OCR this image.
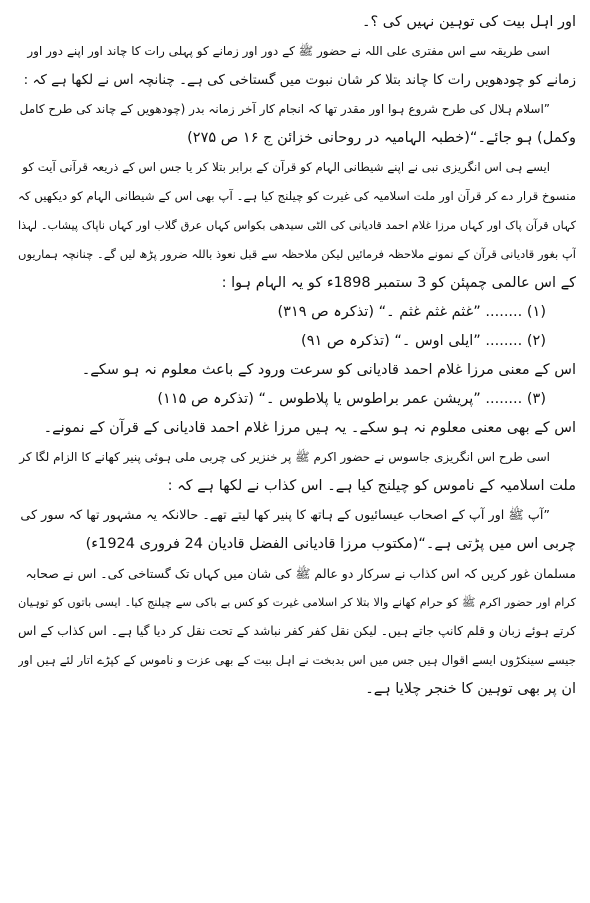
اور اہل بیت کی توہین نہیں کی ؟۔
اسی طریقہ سے اس مفتری علی اللہ نے حضور ﷺ کے دور اور زمانے کو پہلی رات کا چاند اور اپنے دور اور
زمانے کو چودھویں رات کا چاند بتلا کر شان نبوت میں گستاخی کی ہے۔ چنانچہ اس نے لکھا ہے کہ :
”اسلام ہلال کی طرح شروع ہوا اور مقدر تھا کہ انجام کار آخر زمانہ بدر (چودھویں کے چاند کی طرح کامل
وکمل) ہو جائے۔“(خطبہ الہامیہ در روحانی خزائن ج ۱۶ ص ۲۷۵)
ایسے ہی اس انگریزی نبی نے اپنے شیطانی الہام کو قرآن کے برابر بتلا کر یا جس اس کے ذریعہ قرآنی آیت کو
منسوخ قرار دے کر قرآن اور ملت اسلامیہ کی غیرت کو چیلنج کیا ہے۔ آپ بھی اس کے شیطانی الہام کو دیکھیں کہ
کہاں قرآن پاک اور کہاں مرزا غلام احمد قادیانی کی الٹی سیدھی بکواس کہاں عرق گلاب اور کہاں ناپاک پیشاب۔ لہذا
آپ بغور قادیانی قرآن کے نمونے ملاحظہ فرمائیں لیکن ملاحظہ سے قبل نعوذ باللہ ضرور پڑھ لیں گے۔ چنانچہ ہماریوں
کے اس عالمی چمپئن کو 3 ستمبر 1898ء کو یہ الہام ہوا :
(۱) ........ ”غثم غثم غثم ۔“ (تذکرہ ص ۳۱۹)
(۲) ........ ”ایلی اوس ۔“ (تذکرہ ص ۹۱)
اس کے معنی مرزا غلام احمد قادیانی کو سرعت ورود کے باعث معلوم نہ ہو سکے۔
(۳) ........ ”پریشن عمر براطوس یا پلاطوس ۔“ (تذکرہ ص ۱۱۵)
اس کے بھی معنی معلوم نہ ہو سکے۔ یہ ہیں مرزا غلام احمد قادیانی کے قرآن کے نمونے۔
اسی طرح اس انگریزی جاسوس نے حضور اکرم ﷺ پر خنزیر کی چربی ملی ہوئی پنیر کھانے کا الزام لگا کر
ملت اسلامیہ کے ناموس کو چیلنج کیا ہے۔ اس کذاب نے لکھا ہے کہ :
”آپ ﷺ اور آپ کے اصحاب عیسائیوں کے ہاتھ کا پنیر کھا لیتے تھے۔ حالانکہ یہ مشہور تھا کہ سور کی
چربی اس میں پڑتی ہے۔“(مکتوب مرزا قادیانی الفضل قادیان 24 فروری 1924ء)
مسلمان غور کریں کہ اس کذاب نے سرکار دو عالم ﷺ کی شان میں کہاں تک گستاخی کی۔ اس نے صحابہ
کرام اور حضور اکرم ﷺ کو حرام کھانے والا بتلا کر اسلامی غیرت کو کس بے باکی سے چیلنج کیا۔ ایسی باتوں کو توہیان
کرتے ہوئے زبان و قلم کانپ جاتے ہیں۔ لیکن نقل کفر کفر نباشد کے تحت نقل کر دیا گیا ہے۔ اس کذاب کے اس
جیسے سینکڑوں ایسے اقوال ہیں جس میں اس بدبخت نے اہل بیت کے بھی عزت و ناموس کے کپڑے اتار لئے ہیں اور
ان پر بھی توہین کا خنجر چلایا ہے۔
